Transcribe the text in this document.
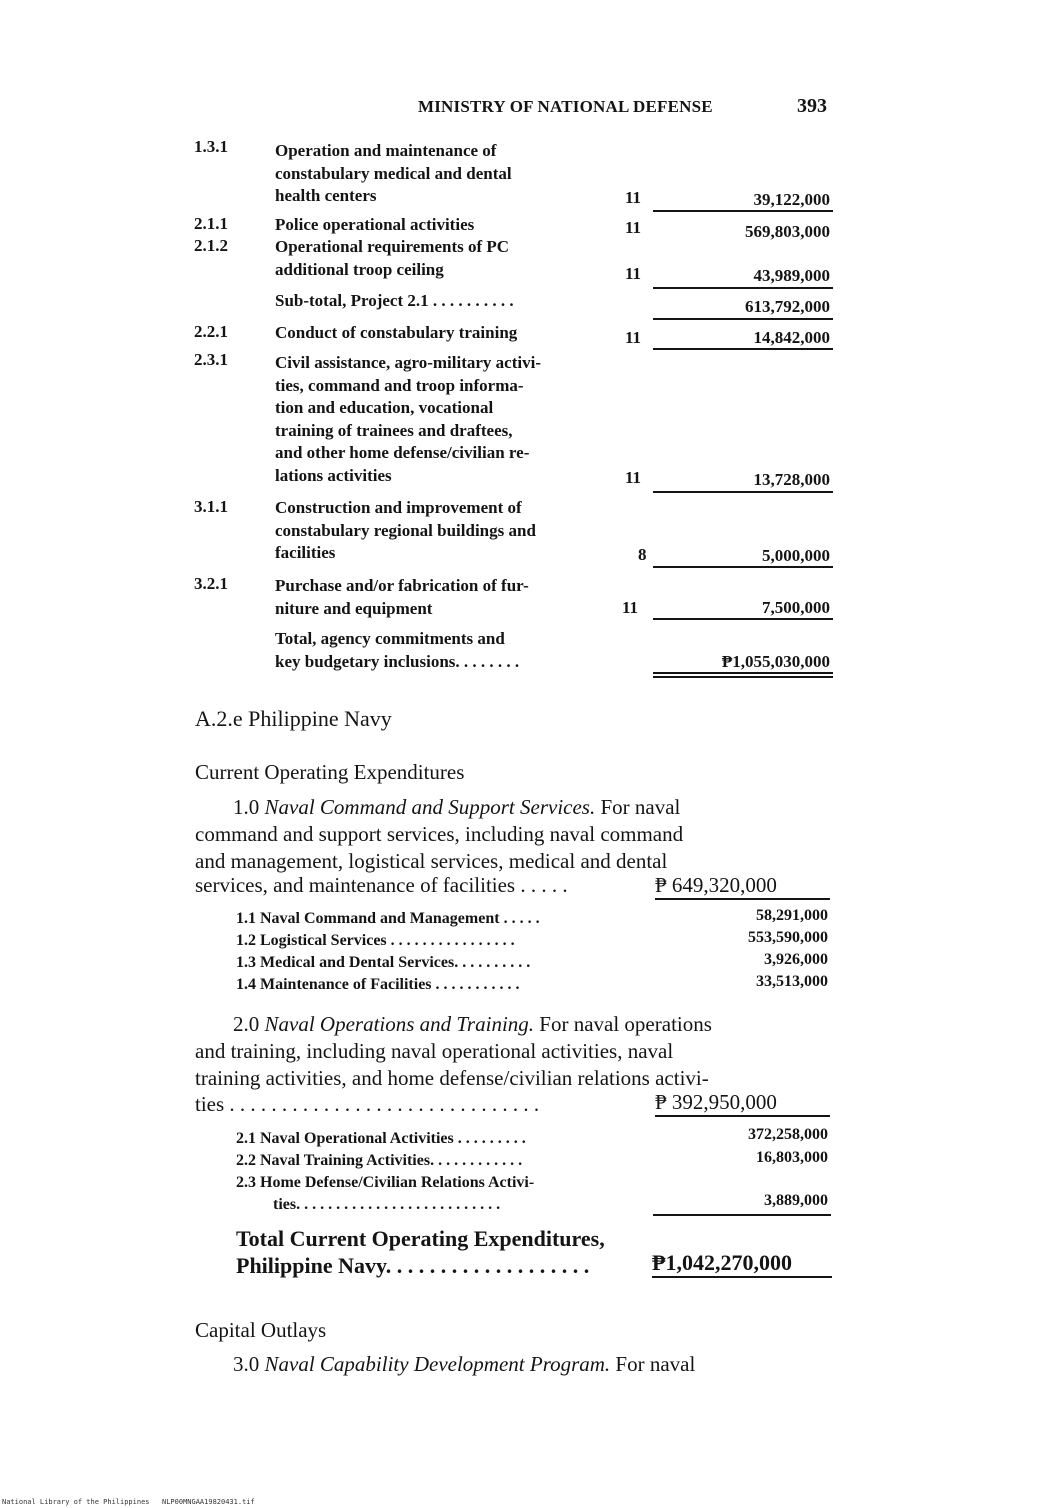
MINISTRY OF NATIONAL DEFENSE	393
1.3.1	Operation and maintenance of
constabulary medical and dental
health centers	11	39,122,000
2.1.1	Police operational activities	11	569,803,000
2.1.2	Operational requirements of PC
additional troop ceiling	11	43,989,000
Sub-total, Project 2.1 . . . . . . . . . .	613,792,000
2.2.1	Conduct of constabulary training	11	14,842,000
2.3.1	Civil assistance, agro-military activi-
ties, command and troop informa-
tion and education, vocational
training of trainees and draftees,
and other home defense/civilian re-
lations activities	11	13,728,000
3.1.1	Construction and improvement of
constabulary regional buildings and
facilities	8	5,000,000
3.2.1	Purchase and/or fabrication of fur-
niture and equipment	11	7,500,000
Total, agency commitments and
key budgetary inclusions. . . . . . . .	₱1,055,030,000
A.2.e Philippine Navy
Current Operating Expenditures
1.0 Naval Command and Support Services. For naval
command and support services, including naval command
and management, logistical services, medical and dental
services, and maintenance of facilities . . . . .	₱ 649,320,000
1.1 Naval Command and Management . . . . .	58,291,000
1.2 Logistical Services . . . . . . . . . . . . . . . .	553,590,000
1.3 Medical and Dental Services. . . . . . . . . .	3,926,000
1.4 Maintenance of Facilities . . . . . . . . . . .	33,513,000
2.0 Naval Operations and Training. For naval operations
and training, including naval operational activities, naval
training activities, and home defense/civilian relations activi-
ties . . . . . . . . . . . . . . . . . . . . . . . . . . . . . .	₱ 392,950,000
2.1 Naval Operational Activities . . . . . . . . .	372,258,000
2.2 Naval Training Activities. . . . . . . . . . . .	16,803,000
2.3 Home Defense/Civilian Relations Activi-
ties. . . . . . . . . . . . . . . . . . . . . . . . . .	3,889,000
Total Current Operating Expenditures,
Philippine Navy. . . . . . . . . . . . . . . . . . .	₱1,042,270,000
Capital Outlays
3.0 Naval Capability Development Program. For naval
National Library of the Philippines NLP00MNGAA19820431.tif
